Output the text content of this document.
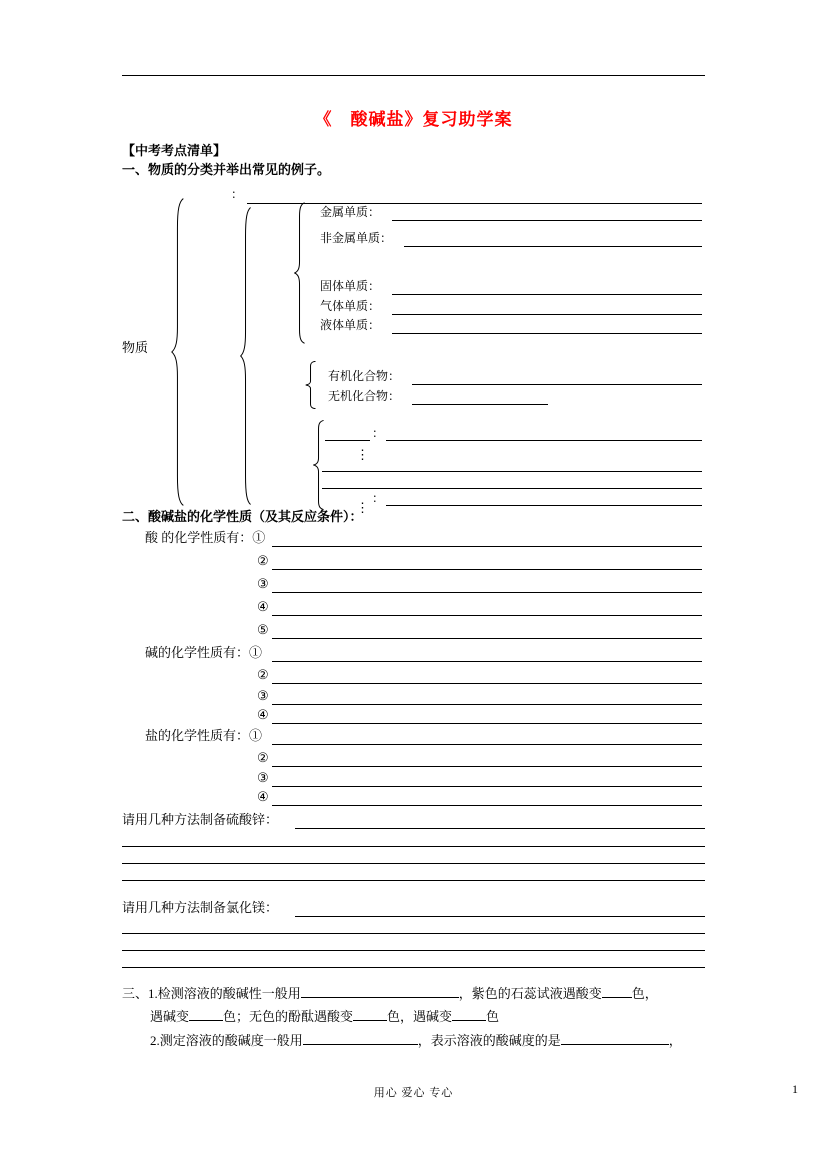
《　酸碱盐》复习助学案
【中考考点清单】
一、物质的分类并举出常见的例子。
物质
：
金属单质：
非金属单质：
固体单质：
气体单质：
液体单质：
有机化合物：
无机化合物：
：
⋮
：
⋮
二、酸碱盐的化学性质（及其反应条件）：
酸 的化学性质有：①
②
③
④
⑤
碱的化学性质有：①
②
③
④
盐的化学性质有：①
②
③
④
请用几种方法制备硫酸锌：
请用几种方法制备氯化镁：
三、1.检测溶液的酸碱性一般用	，紫色的石蕊试液遇酸变 色，
遇碱变	色；无色的酚酞遇酸变	色，遇碱变	色
2.测定溶液的酸碱度一般用	，表示溶液的酸碱度的是	，
用心 爱心 专心	1
